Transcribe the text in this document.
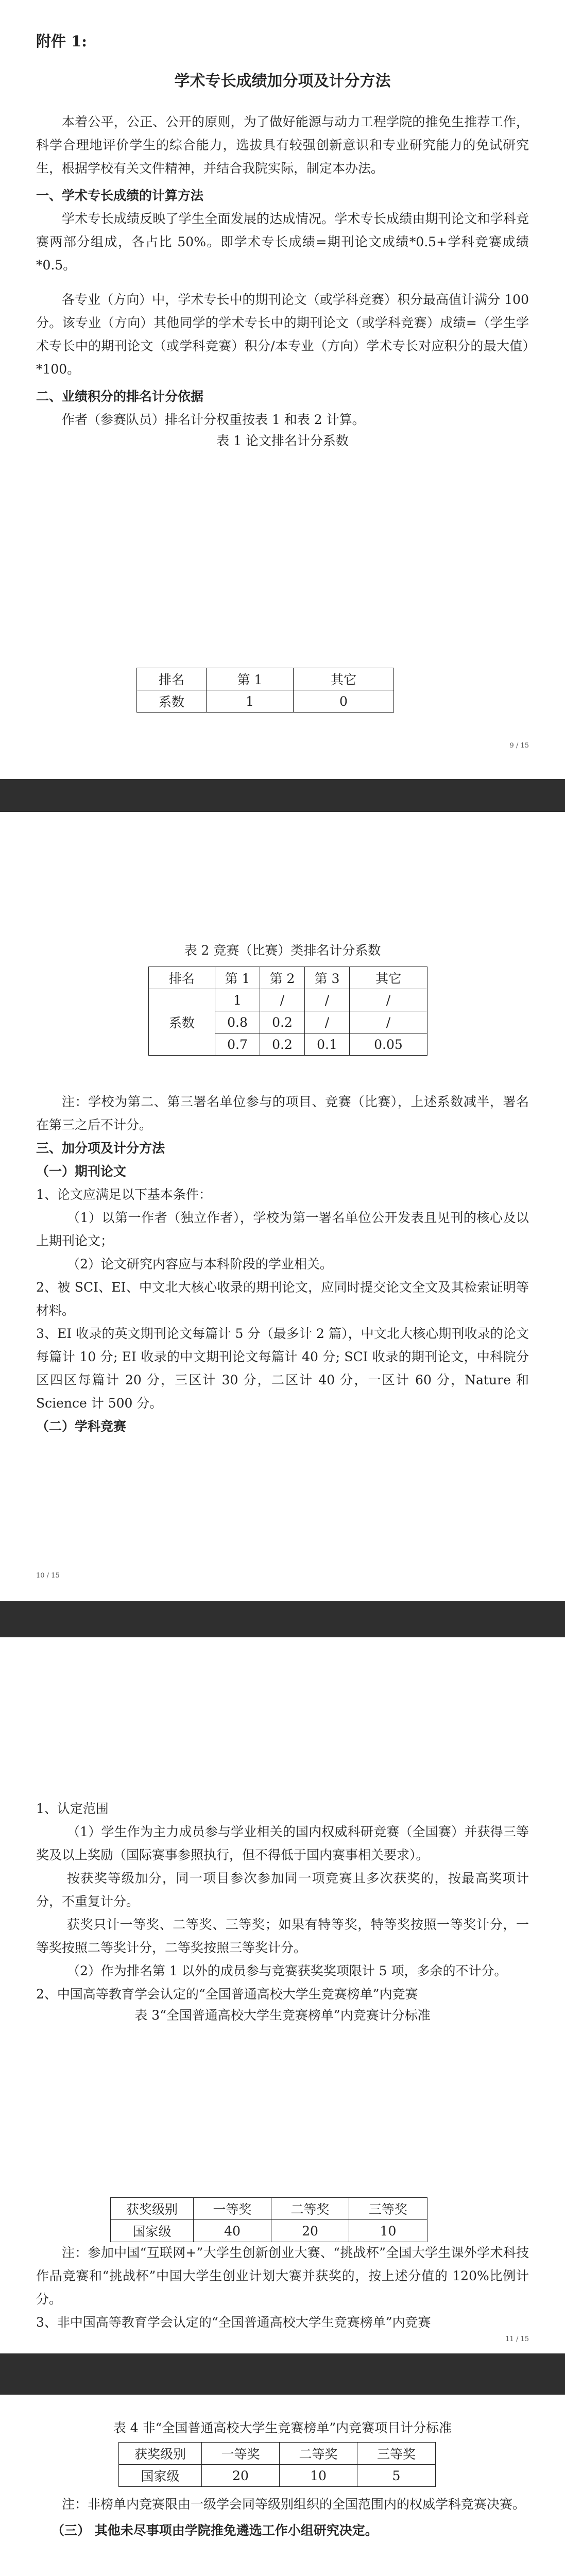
附件 1:

学术专长成绩加分项及计分方法

本着公平，公正、公开的原则，为了做好能源与动力工程学院的推免生推荐工作，科学合理地评价学生的综合能力，选拔具有较强创新意识和专业研究能力的免试研究生，根据学校有关文件精神，并结合我院实际，制定本办法。

一、学术专长成绩的计算方法

学术专长成绩反映了学生全面发展的达成情况。学术专长成绩由期刊论文和学科竞赛两部分组成，各占比 50%。即学术专长成绩=期刊论文成绩*0.5+学科竞赛成绩*0.5。

各专业（方向）中，学术专长中的期刊论文（或学科竞赛）积分最高值计满分 100 分。该专业（方向）其他同学的学术专长中的期刊论文（或学科竞赛）成绩=（学生学术专长中的期刊论文（或学科竞赛）积分/本专业（方向）学术专长对应积分的最大值）*100。

二、业绩积分的排名计分依据

作者（参赛队员）排名计分权重按表 1 和表 2 计算。

表 1 论文排名计分系数

排名	第 1	其它
系数	1	0
9 / 15

表 2 竞赛（比赛）类排名计分系数

排名	第 1	第 2	第 3	其它
系数	1	/	/	/
	0.8	0.2	/	/
	0.7	0.2	0.1	0.05

注：学校为第二、第三署名单位参与的项目、竞赛（比赛），上述系数减半，署名在第三之后不计分。

三、加分项及计分方法

（一）期刊论文

1、论文应满足以下基本条件：

（1）以第一作者（独立作者），学校为第一署名单位公开发表且见刊的核心及以上期刊论文；

（2）论文研究内容应与本科阶段的学业相关。

2、被 SCI、EI、中文北大核心收录的期刊论文，应同时提交论文全文及其检索证明等材料。

3、EI 收录的英文期刊论文每篇计 5 分（最多计 2 篇），中文北大核心期刊收录的论文每篇计 10 分; EI 收录的中文期刊论文每篇计 40 分; SCI 收录的期刊论文，中科院分区四区每篇计 20 分，三区计 30 分，二区计 40 分，一区计 60 分，Nature 和 Science 计 500 分。

（二）学科竞赛

10 / 15

1、认定范围

（1）学生作为主力成员参与学业相关的国内权威科研竞赛（全国赛）并获得三等奖及以上奖励（国际赛事参照执行，但不得低于国内赛事相关要求）。

按获奖等级加分，同一项目参次参加同一项竞赛且多次获奖的，按最高奖项计分，不重复计分。

获奖只计一等奖、二等奖、三等奖；如果有特等奖，特等奖按照一等奖计分，一等奖按照二等奖计分，二等奖按照三等奖计分。

（2）作为排名第 1 以外的成员参与竞赛获奖奖项限计 5 项，多余的不计分。

2、中国高等教育学会认定的“全国普通高校大学生竞赛榜单”内竞赛

表 3“全国普通高校大学生竞赛榜单”内竞赛计分标准

获奖级别	一等奖	二等奖	三等奖
国家级	40	20	10

注：参加中国“互联网+”大学生创新创业大赛、“挑战杯”全国大学生课外学术科技作品竞赛和“挑战杯”中国大学生创业计划大赛并获奖的，按上述分值的 120%比例计分。

3、非中国高等教育学会认定的“全国普通高校大学生竞赛榜单”内竞赛

11 / 15

表 4 非“全国普通高校大学生竞赛榜单”内竞赛项目计分标准

获奖级别	一等奖	二等奖	三等奖
国家级	20	10	5

注：非榜单内竞赛限由一级学会同等级别组织的全国范围内的权威学科竞赛决赛。

（三） 其他未尽事项由学院推免遴选工作小组研究决定。
